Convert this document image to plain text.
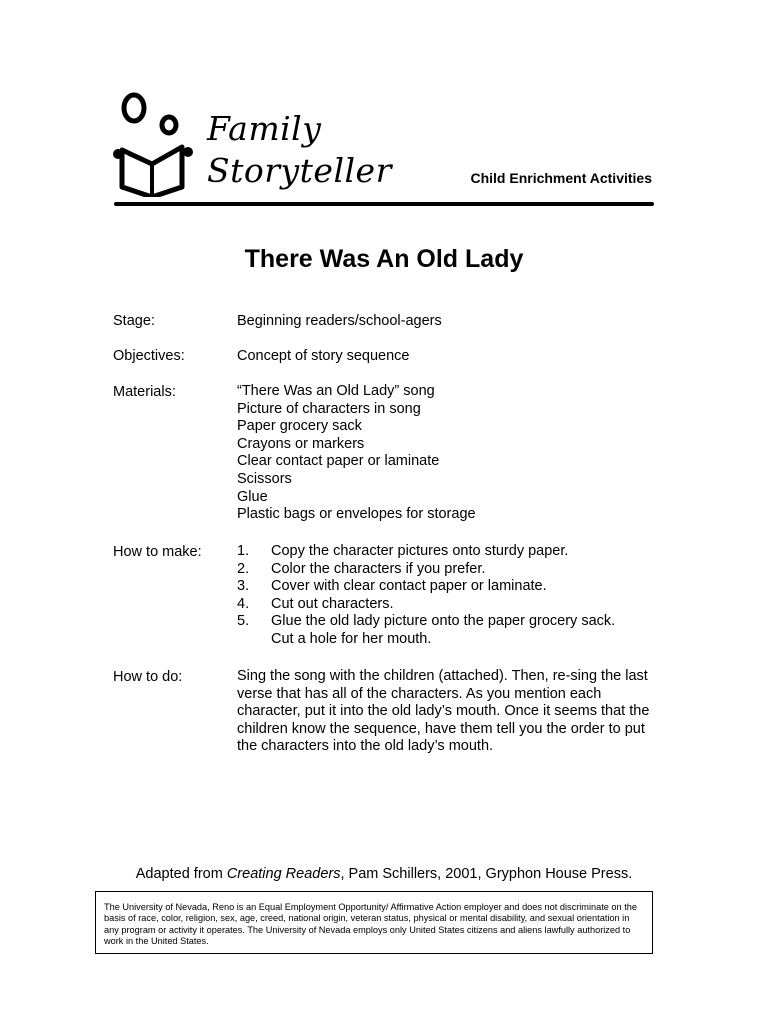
Family
Storyteller	Child Enrichment Activities
There Was An Old Lady
Stage:	Beginning readers/school-agers
Objectives:	Concept of story sequence
Materials:	“There Was an Old Lady” song
Picture of characters in song
Paper grocery sack
Crayons or markers
Clear contact paper or laminate
Scissors
Glue
Plastic bags or envelopes for storage
How to make: 1.	Copy the character pictures onto sturdy paper.
2.	Color the characters if you prefer.
3.	Cover with clear contact paper or laminate.
4.	Cut out characters.
5.	Glue the old lady picture onto the paper grocery sack. Cut a hole for her mouth.
How to do:	Sing the song with the children (attached). Then, re-sing the last verse that has all of the characters. As you mention each character, put it into the old lady’s mouth. Once it seems that the children know the sequence, have them tell you the order to put the characters into the old lady’s mouth.

Adapted from Creating Readers, Pam Schillers, 2001, Gryphon House Press.
The University of Nevada, Reno is an Equal Employment Opportunity/ Affirmative Action employer and does not discriminate on the basis of race, color, religion, sex, age, creed, national origin, veteran status, physical or mental disability, and sexual orientation in any program or activity it operates. The University of Nevada employs only United States citizens and aliens lawfully authorized to work in the United States.
